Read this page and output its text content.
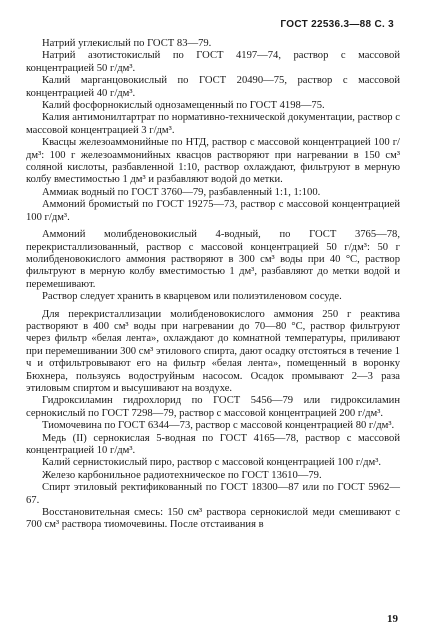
ГОСТ 22536.3—88 С. 3

Натрий углекислый по ГОСТ 83—79.

Натрий азотистокислый по ГОСТ 4197—74, раствор с массовой концентрацией 50 г/дм³.

Калий марганцовокислый по ГОСТ 20490—75, раствор с массовой концентрацией 40 г/дм³.

Калий фосфорнокислый однозамещенный по ГОСТ 4198—75.

Калия антимонилтартрат по нормативно-технической документации, раствор с массовой концентрацией 3 г/дм³.

Квасцы железоаммонийные по НТД, раствор с массовой концентрацией 100 г/дм³: 100 г железоаммонийных квасцов растворяют при нагревании в 150 см³ соляной кислоты, разбавленной 1:10, раствор охлаждают, фильтруют в мерную колбу вместимостью 1 дм³ и разбавляют водой до метки.

Аммиак водный по ГОСТ 3760—79, разбавленный 1:1, 1:100.

Аммоний бромистый по ГОСТ 19275—73, раствор с массовой концентрацией 100 г/дм³.

Аммоний молибденовокислый 4-водный, по ГОСТ 3765—78, перекристаллизованный, раствор с массовой концентрацией 50 г/дм³: 50 г молибденовокислого аммония растворяют в 300 см³ воды при 40 °С, раствор фильтруют в мерную колбу вместимостью 1 дм³, разбавляют до метки водой и перемешивают.

Раствор следует хранить в кварцевом или полиэтиленовом сосуде.

Для перекристаллизации молибденовокислого аммония 250 г реактива растворяют в 400 см³ воды при нагревании до 70—80 °С, раствор фильтруют через фильтр «белая лента», охлаждают до комнатной температуры, приливают при перемешивании 300 см³ этилового спирта, дают осадку отстояться в течение 1 ч и отфильтровывают его на фильтр «белая лента», помещенный в воронку Бюхнера, пользуясь водоструйным насосом. Осадок промывают 2—3 раза этиловым спиртом и высушивают на воздухе.

Гидроксиламин гидрохлорид по ГОСТ 5456—79 или гидроксиламин сернокислый по ГОСТ 7298—79, раствор с массовой концентрацией 200 г/дм³.

Тиомочевина по ГОСТ 6344—73, раствор с массовой концентрацией 80 г/дм³.

Медь (II) сернокислая 5-водная по ГОСТ 4165—78, раствор с массовой концентрацией 10 г/дм³.

Калий сернистокислый пиро, раствор с массовой концентрацией 100 г/дм³.

Железо карбонильное радиотехническое по ГОСТ 13610—79.

Спирт этиловый ректификованный по ГОСТ 18300—87 или по ГОСТ 5962—67.

Восстановительная смесь: 150 см³ раствора сернокислой меди смешивают с 700 см³ раствора тиомочевины. После отстаивания в

19
